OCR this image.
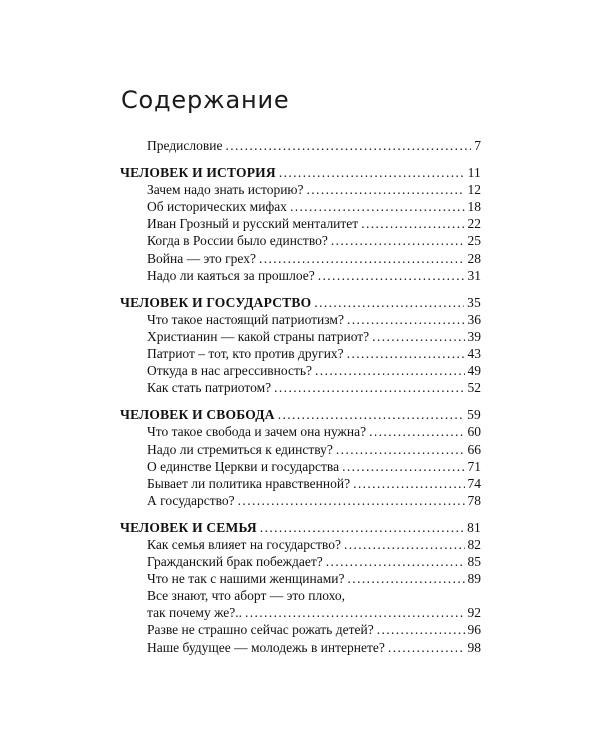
Содержание
Предисловие .....	7
ЧЕЛОВЕК И ИСТОРИЯ .....	11
Зачем надо знать историю? .....	12
Об исторических мифах .....	18
Иван Грозный и русский менталитет .....	22
Когда в России было единство? .....	25
Война — это грех? .....	28
Надо ли каяться за прошлое? .....	31
ЧЕЛОВЕК И ГОСУДАРСТВО .....	35
Что такое настоящий патриотизм? .....	36
Христианин — какой страны патриот? .....	39
Патриот – тот, кто против других? .....	43
Откуда в нас агрессивность? .....	49
Как стать патриотом? .....	52
ЧЕЛОВЕК И СВОБОДА .....	59
Что такое свобода и зачем она нужна? .....	60
Надо ли стремиться к единству? .....	66
О единстве Церкви и государства .....	71
Бывает ли политика нравственной? .....	74
А государство? .....	78
ЧЕЛОВЕК И СЕМЬЯ .....	81
Как семья влияет на государство? .....	82
Гражданский брак побеждает? .....	85
Что не так с нашими женщинами? .....	89
Все знают, что аборт — это плохо,
так почему же?.. .....	92
Разве не страшно сейчас рожать детей? .....	96
Наше будущее — молодежь в интернете? .....	98
